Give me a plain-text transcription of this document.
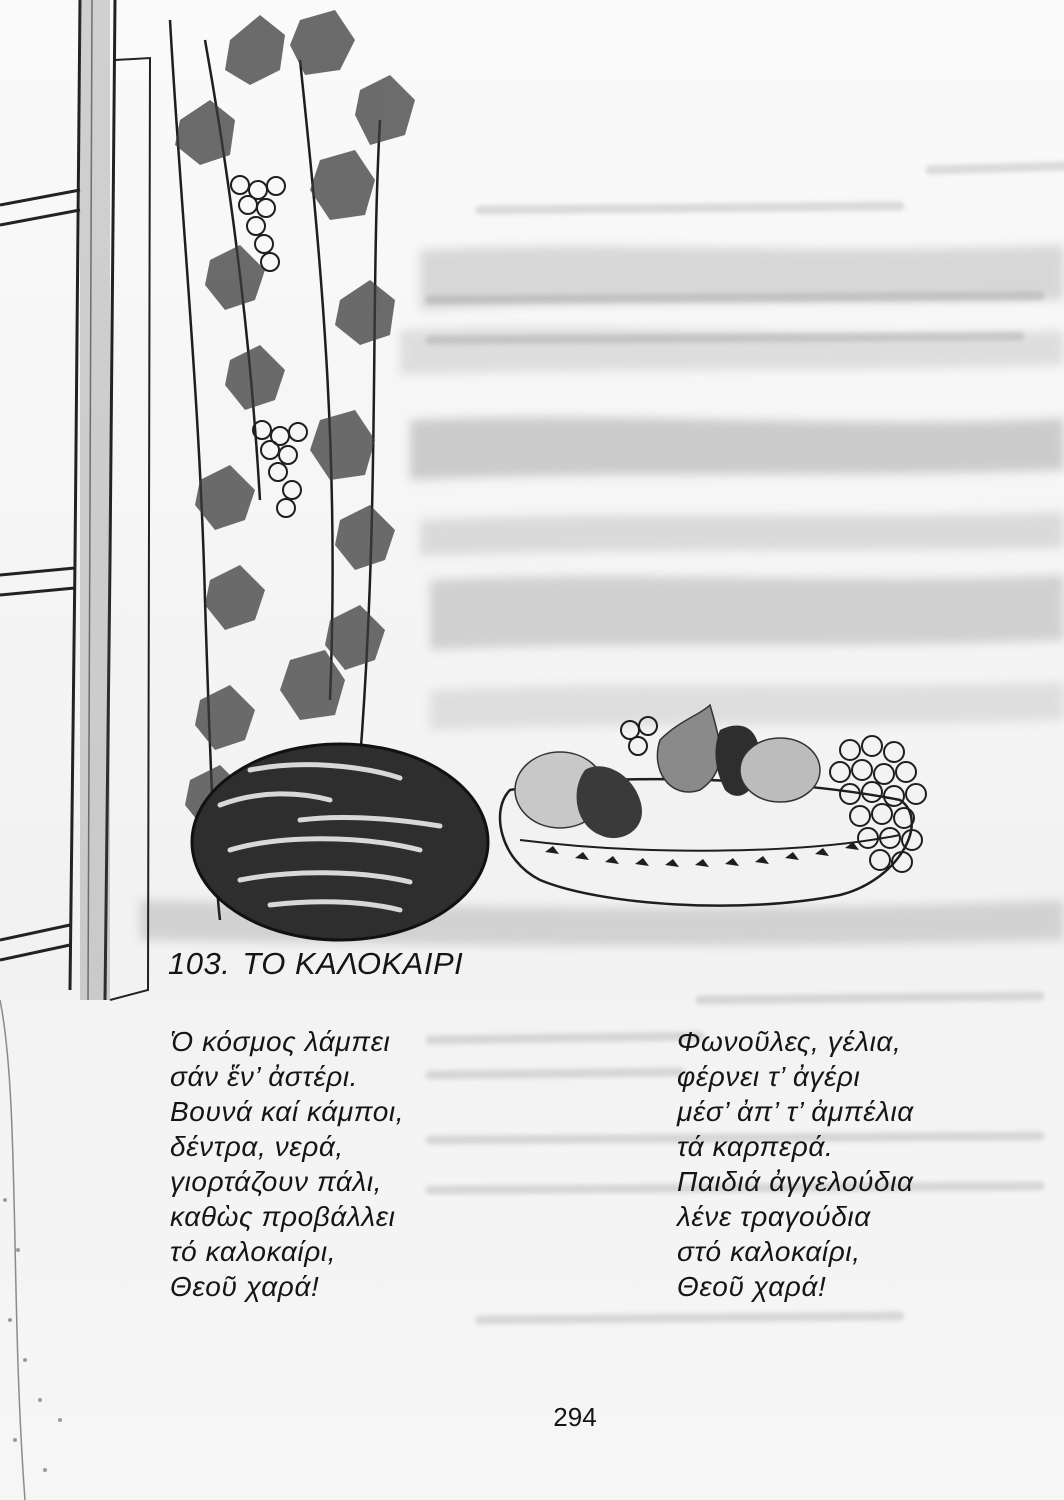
103. ΤΟ ΚΑΛΟΚΑΙΡΙ
Ὁ κόσμος λάμπει
σάν ἕν’ ἀστέρι.
Βουνά καί κάμποι,
δέντρα, νερά,
γιορτάζουν πάλι,
καθὼς προβάλλει
τό καλοκαίρι,
Θεοῦ χαρά!
Φωνοῦλες, γέλια,
φέρνει τ’ ἀγέρι
μέσ’ ἀπ’ τ’ ἀμπέλια
τά καρπερά.
Παιδιά ἀγγελούδια
λένε τραγούδια
στό καλοκαίρι,
Θεοῦ χαρά!
294
